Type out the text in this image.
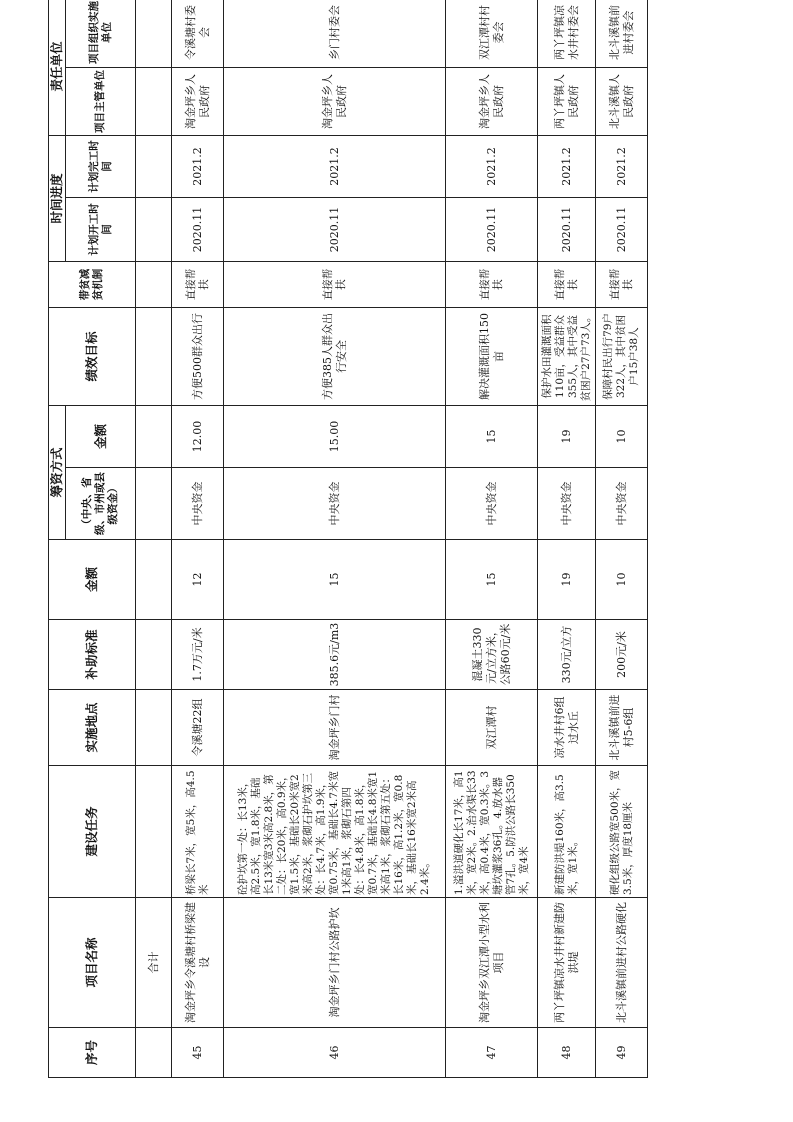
序号	项目名称	建设任务	实施地点	补助标准	金额	筹资方式		绩效目标	带贫减贫机制	时间进度		责任单位	
						（中央、省级、市州或县级资金）	金额			计划开工时间	计划完工时间	项目主管单位	项目组织实施单位
	合计												
45	淘金坪乡令溪塘村桥梁建设	桥梁长7米，宽5米，高4.5米	令溪塘22组	1.7万元/米	12	中央资金	12.00	方便500群众出行	直接帮扶	2020.11	2021.2	淘金坪乡人民政府	令溪塘村委会
46	淘金坪乡门村公路护坎	砼护坎第一处：长13米，高2.5米，宽1.8米，基础长13米宽3米高2.8米，第二处：长20米，高0.9米，宽1.5米，基础长20米宽2米高2米，浆砌石护坎第三处：长4.7米，高1.9米，宽0.75米，基础长4.7米宽1米高1米，浆砌石第四处：长4.8米，高1.8米，宽0.7米，基础长4.8米宽1米高1米，浆砌石第五处：长16米，高1.2米，宽0.8米，基础长16米宽2米高2.4米。	淘金坪乡门村	385.6元/m3	15	中央资金	15.00	方便385人群众出行安全	直接帮扶	2020.11	2021.2	淘金坪乡人民政府	乡门村委会
47	淘金坪乡双江潭小型水利项目	1.溢洪道硬化长17米，高1米，宽2米。2.治水渠长33米，高0.4米，宽0.3米。3塘坎灌浆36孔。4.放水器管7孔。5.防洪公路长350米，宽4米	双江潭村	混凝土330元/立方米，公路60元/米	15	中央资金	15	解决灌溉面积150亩	直接帮扶	2020.11	2021.2	淘金坪乡人民政府	双江潭村村委会
48	两丫坪镇凉水井村新建防洪堤	新建防洪堤160米，高3.5米，宽1米。	凉水井村6组过水丘	330元/立方	19	中央资金	19	保护水田灌溉面积110亩，受益群众355人，其中受益贫困户27户73人。	直接帮扶	2020.11	2021.2	两丫坪镇人民政府	两丫坪镇凉水井村委会
49	北斗溪镇前进村公路硬化	硬化组级公路宽500米，宽3.5米，厚度18厘米	北斗溪镇前进村5-6组	200元/米	10	中央资金	10	保障村民出行79户322人，其中贫困户15户38人	直接帮扶	2020.11	2021.2	北斗溪镇人民政府	北斗溪镇前进村委会
